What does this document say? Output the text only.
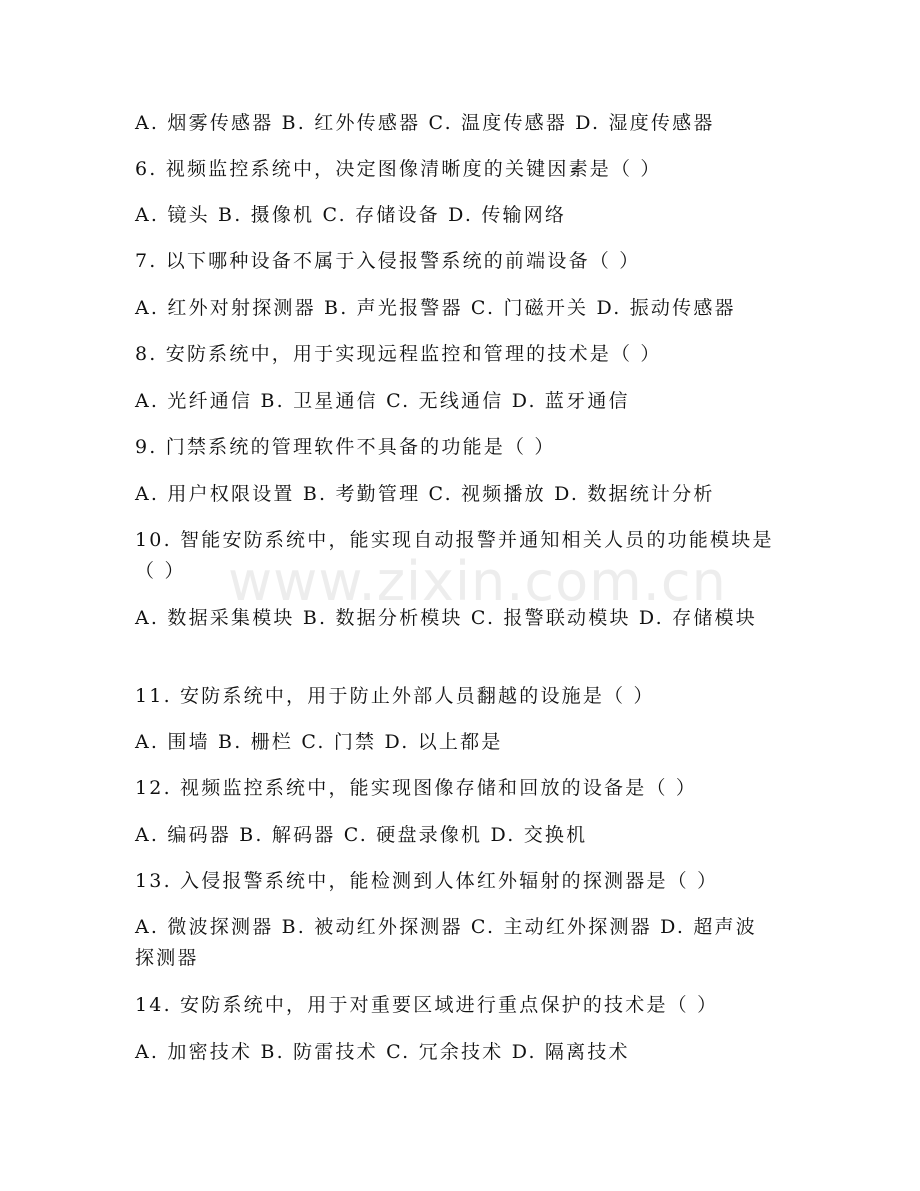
www.zixin.com.cn
A. 烟雾传感器 B. 红外传感器 C. 温度传感器 D. 湿度传感器
6. 视频监控系统中，决定图像清晰度的关键因素是（ ）
A. 镜头 B. 摄像机 C. 存储设备 D. 传输网络
7. 以下哪种设备不属于入侵报警系统的前端设备（ ）
A. 红外对射探测器 B. 声光报警器 C. 门磁开关 D. 振动传感器
8. 安防系统中，用于实现远程监控和管理的技术是（ ）
A. 光纤通信 B. 卫星通信 C. 无线通信 D. 蓝牙通信
9. 门禁系统的管理软件不具备的功能是（ ）
A. 用户权限设置 B. 考勤管理 C. 视频播放 D. 数据统计分析
10. 智能安防系统中，能实现自动报警并通知相关人员的功能模块是（ ）
A. 数据采集模块 B. 数据分析模块 C. 报警联动模块 D. 存储模块
11. 安防系统中，用于防止外部人员翻越的设施是（ ）
A. 围墙 B. 栅栏 C. 门禁 D. 以上都是
12. 视频监控系统中，能实现图像存储和回放的设备是（ ）
A. 编码器 B. 解码器 C. 硬盘录像机 D. 交换机
13. 入侵报警系统中，能检测到人体红外辐射的探测器是（ ）
A. 微波探测器 B. 被动红外探测器 C. 主动红外探测器 D. 超声波探测器
14. 安防系统中，用于对重要区域进行重点保护的技术是（ ）
A. 加密技术 B. 防雷技术 C. 冗余技术 D. 隔离技术
